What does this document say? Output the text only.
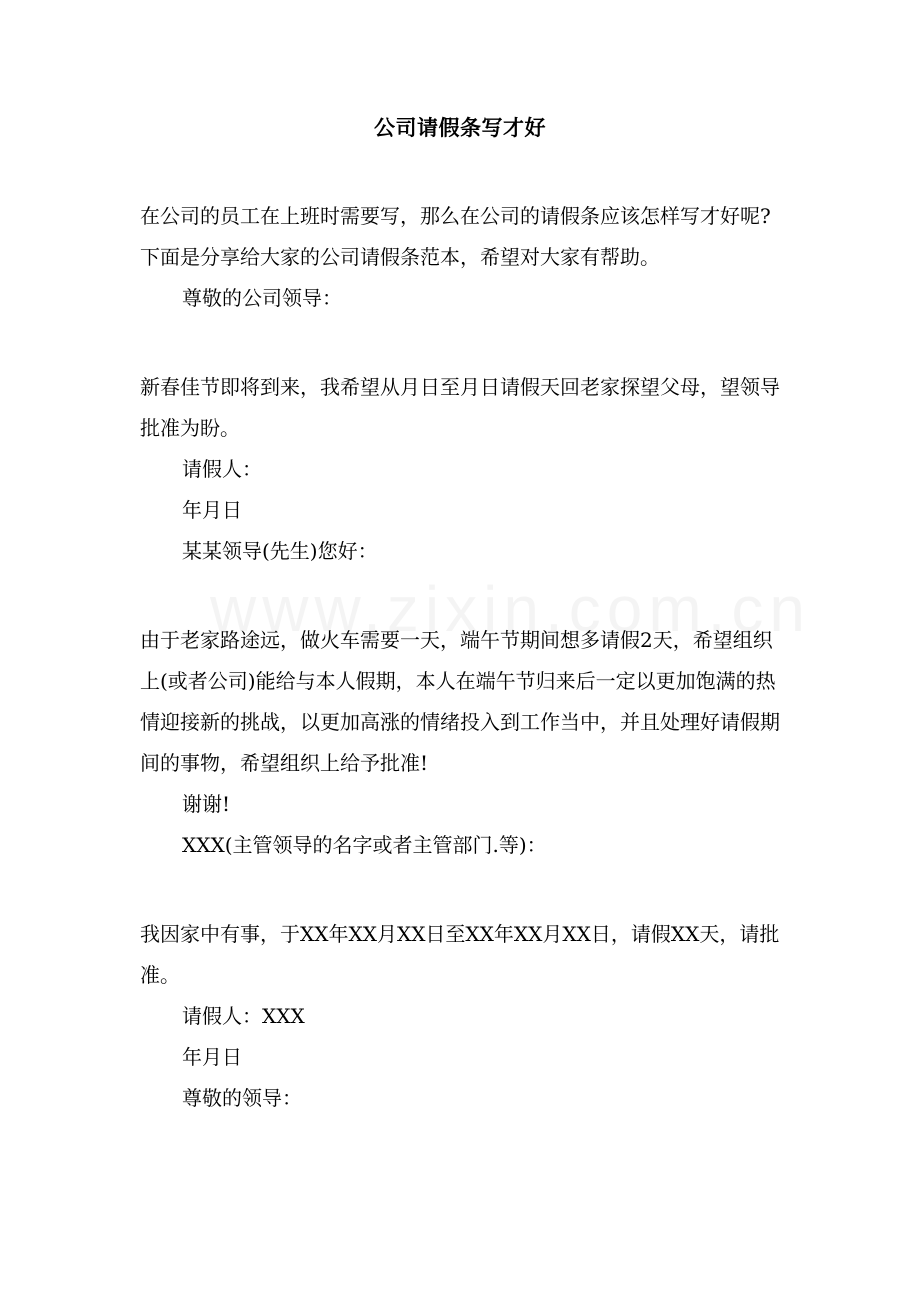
公司请假条写才好

在公司的员工在上班时需要写，那么在公司的请假条应该怎样写才好呢?下面是分享给大家的公司请假条范本，希望对大家有帮助。

尊敬的公司领导：

新春佳节即将到来，我希望从月日至月日请假天回老家探望父母，望领导批准为盼。

请假人：

年月日

某某领导(先生)您好：

由于老家路途远，做火车需要一天，端午节期间想多请假2天，希望组织上(或者公司)能给与本人假期，本人在端午节归来后一定以更加饱满的热情迎接新的挑战，以更加高涨的情绪投入到工作当中，并且处理好请假期间的事物，希望组织上给予批准!

谢谢!

XXX(主管领导的名字或者主管部门.等)：

我因家中有事，于XX年XX月XX日至XX年XX月XX日，请假XX天，请批准。

请假人：XXX

年月日

尊敬的领导：
